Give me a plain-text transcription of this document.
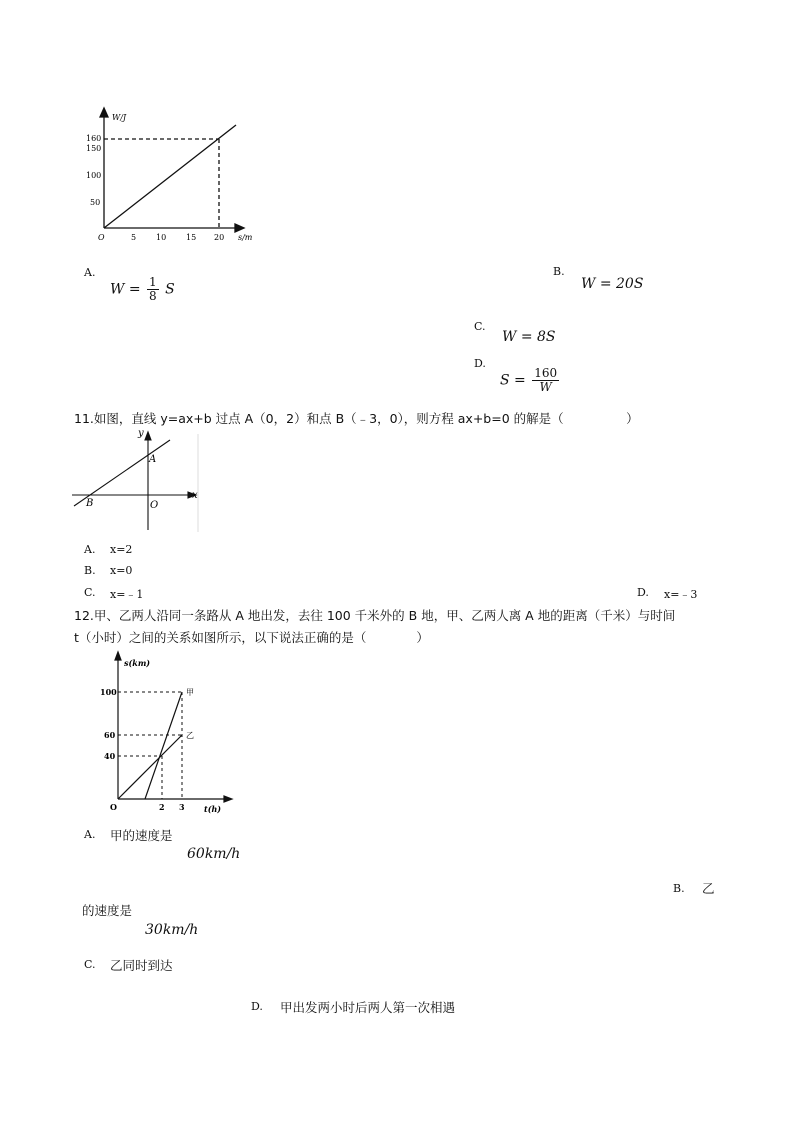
W/J
s/m
O
160
150
100
50
5 10 15 20
A.
$W = \frac{1}{8}$ S
B.
W = 20S
C.
W = 8S
D.
$S = \frac{160}{W}$
11.如图，直线 y=ax+b 过点 A（0，2）和点 B（﹣3，0），则方程 ax+b=0 的解是（　　　　　）
y
x
A
B	O
A. x=2
B. x=0
C. x=﹣1	D. x=﹣3
12.甲、乙两人沿同一条路从 A 地出发，去往 100 千米外的 B 地，甲、乙两人离 A 地的距离（千米）与时间
t（小时）之间的关系如图所示，以下说法正确的是（　　　　）
s(km)
t(h)
O
100
60
40
2 3
甲
乙
A. 甲的速度是
60km/h
B. 乙
的速度是
30km/h
C. 乙同时到达
D. 甲出发两小时后两人第一次相遇
